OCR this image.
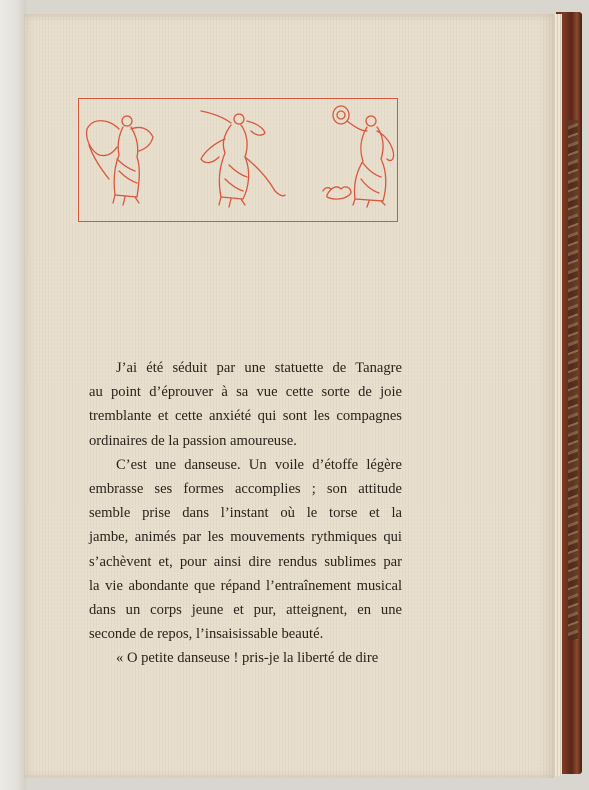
J’ai été séduit par une statuette de Tanagre
au point d’éprouver à sa vue cette sorte de joie
tremblante et cette anxiété qui sont les compagnes
ordinaires de la passion amoureuse.

C’est une danseuse. Un voile d’étoffe légère
embrasse ses formes accomplies ; son attitude
semble prise dans l’instant où le torse et la
jambe, animés par les mouvements rythmiques qui
s’achèvent et, pour ainsi dire rendus sublimes par
la vie abondante que répand l’entraînement musical
dans un corps jeune et pur, atteignent, en une
seconde de repos, l’insaisissable beauté.

« O petite danseuse ! pris-je la liberté de dire
